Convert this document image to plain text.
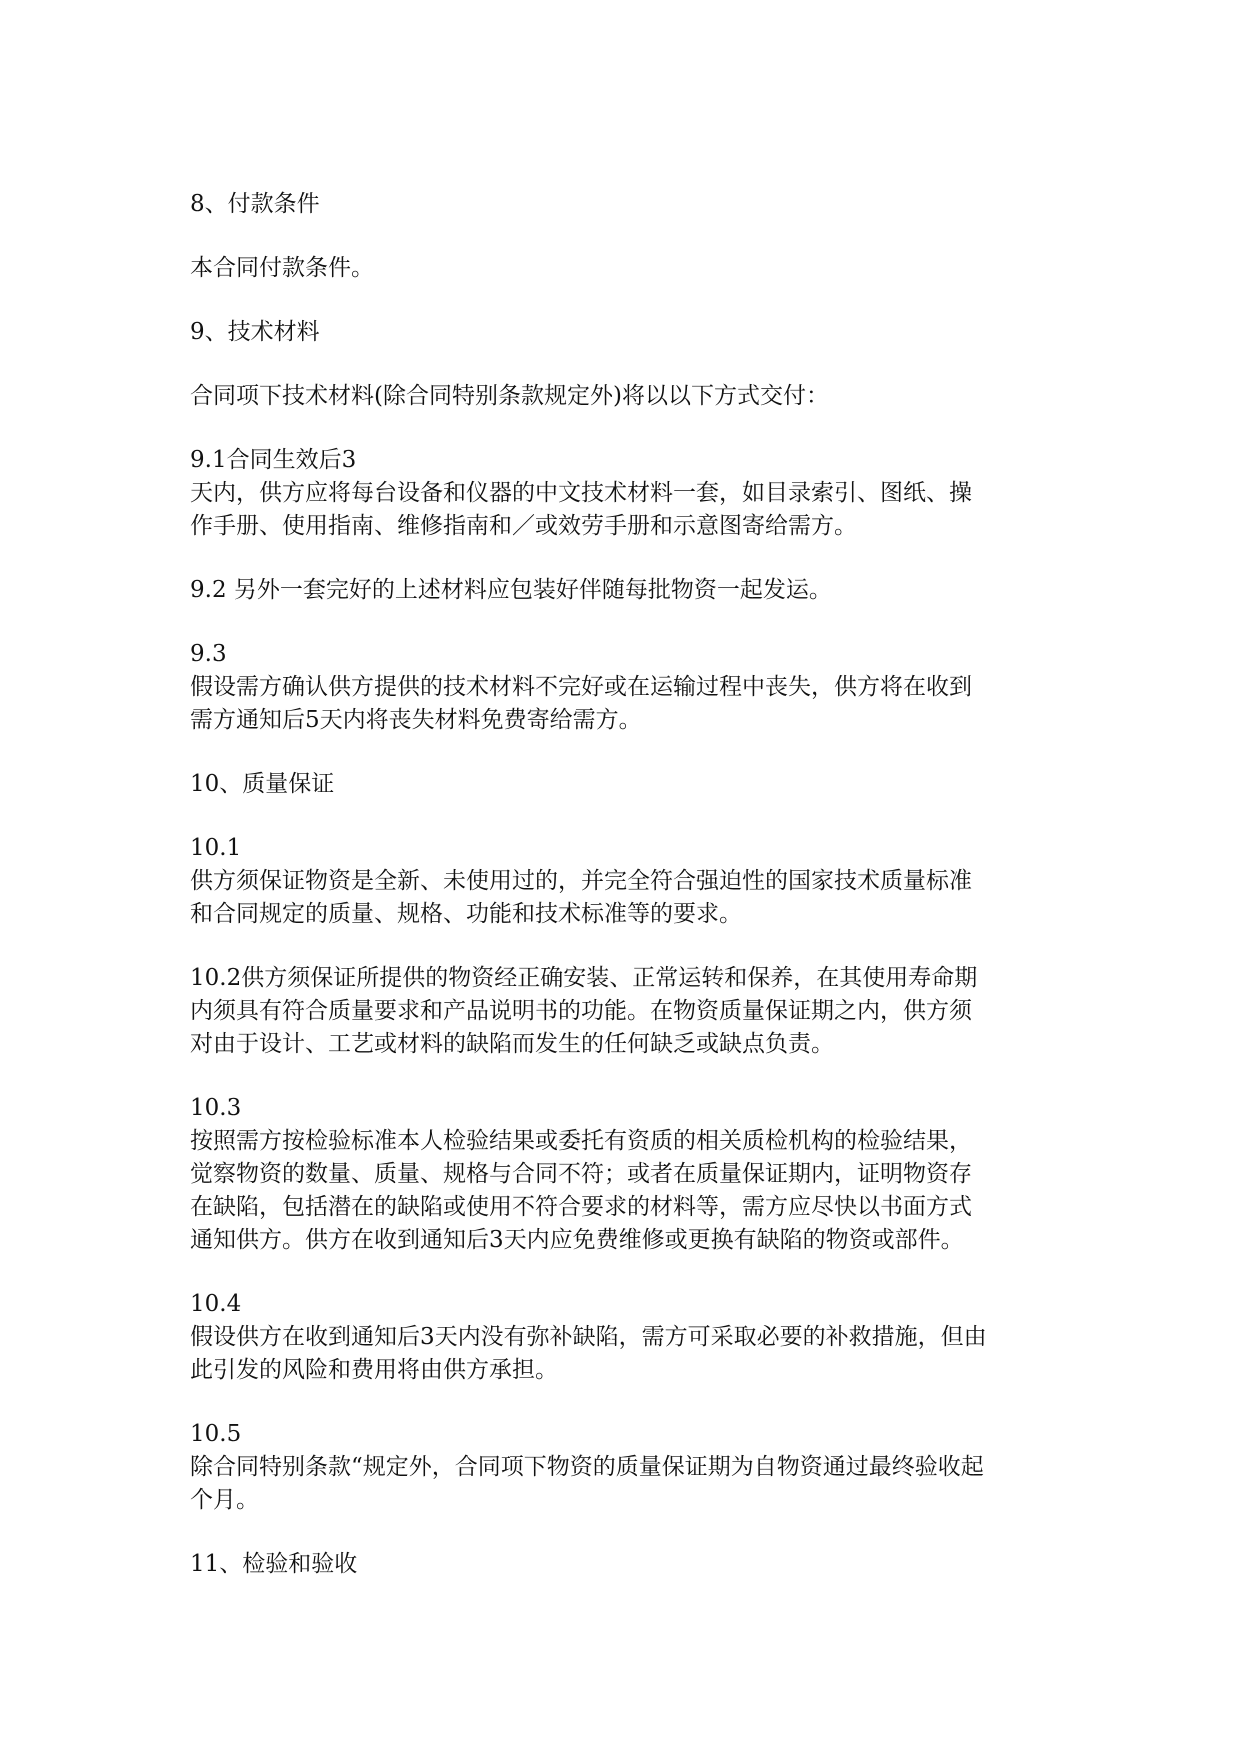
8、付款条件

本合同付款条件。

9、技术材料

合同项下技术材料(除合同特别条款规定外)将以以下方式交付：

9.1合同生效后3
天内，供方应将每台设备和仪器的中文技术材料一套，如目录索引、图纸、操
作手册、使用指南、维修指南和／或效劳手册和示意图寄给需方。

9.2 另外一套完好的上述材料应包装好伴随每批物资一起发运。

9.3
假设需方确认供方提供的技术材料不完好或在运输过程中丧失，供方将在收到
需方通知后5天内将丧失材料免费寄给需方。

10、质量保证

10.1
供方须保证物资是全新、未使用过的，并完全符合强迫性的国家技术质量标准
和合同规定的质量、规格、功能和技术标准等的要求。

10.2供方须保证所提供的物资经正确安装、正常运转和保养，在其使用寿命期
内须具有符合质量要求和产品说明书的功能。在物资质量保证期之内，供方须
对由于设计、工艺或材料的缺陷而发生的任何缺乏或缺点负责。

10.3
按照需方按检验标准本人检验结果或委托有资质的相关质检机构的检验结果，
觉察物资的数量、质量、规格与合同不符；或者在质量保证期内，证明物资存
在缺陷，包括潜在的缺陷或使用不符合要求的材料等，需方应尽快以书面方式
通知供方。供方在收到通知后3天内应免费维修或更换有缺陷的物资或部件。

10.4
假设供方在收到通知后3天内没有弥补缺陷，需方可采取必要的补救措施，但由
此引发的风险和费用将由供方承担。

10.5
除合同特别条款“规定外，合同项下物资的质量保证期为自物资通过最终验收起
个月。

11、检验和验收
